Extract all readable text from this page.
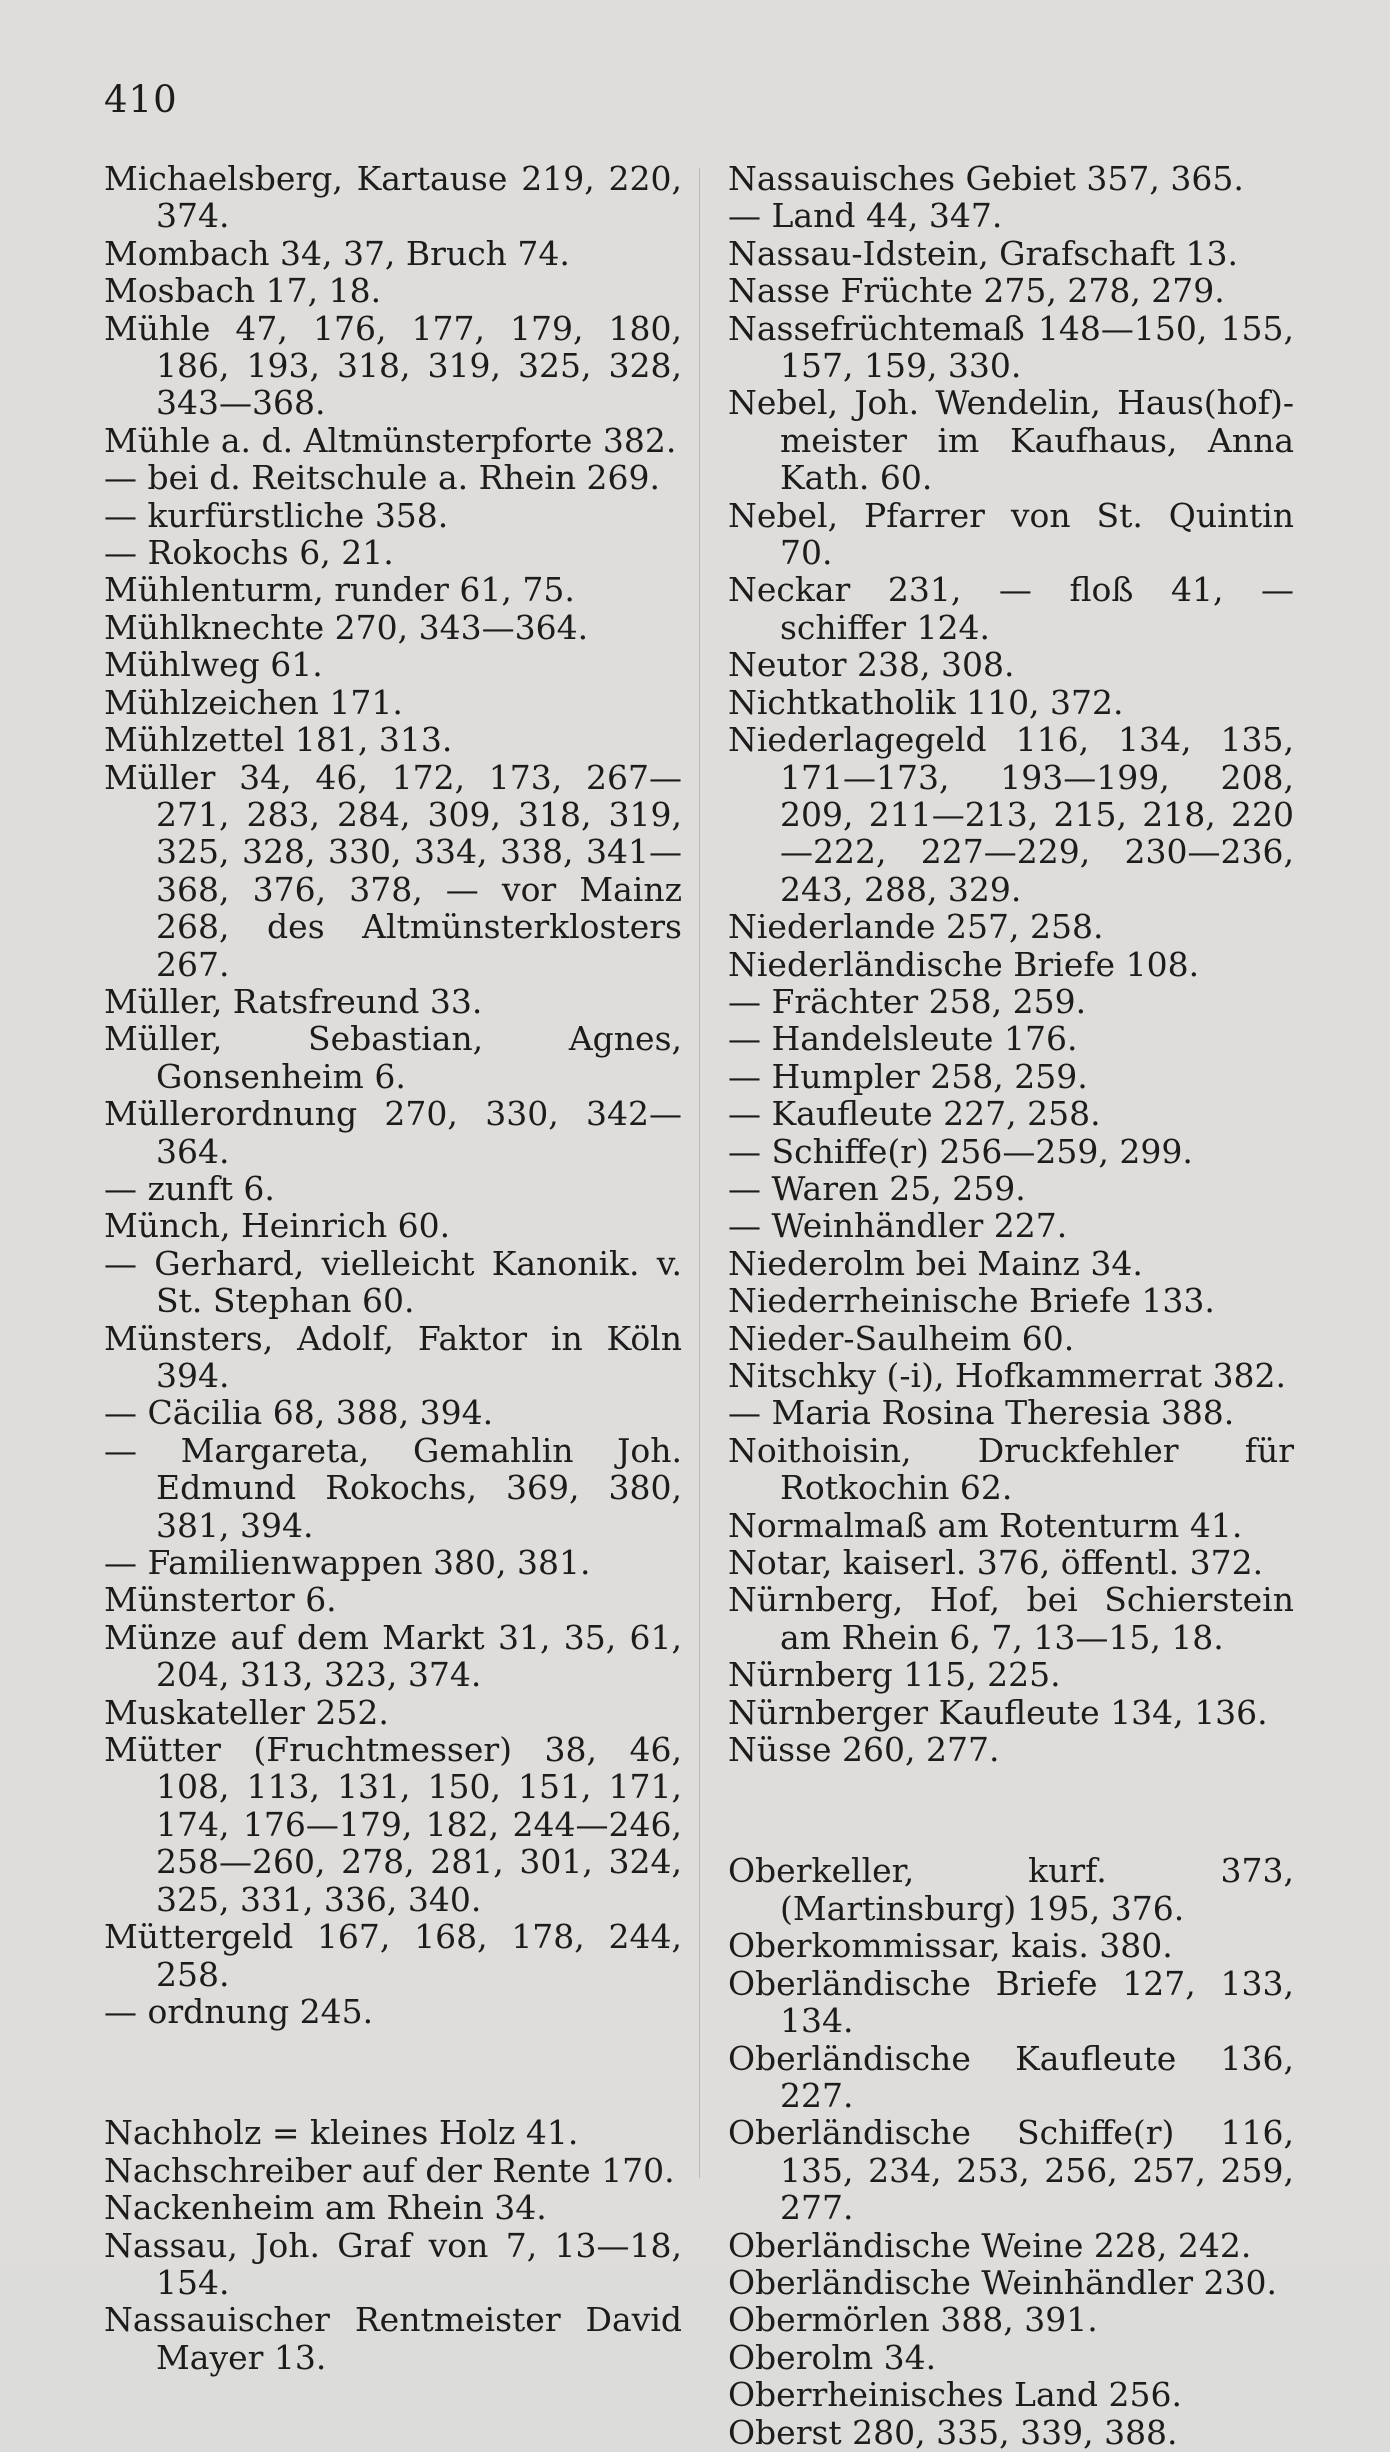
410
Michaelsberg, Kartause 219, 220, 374.
Mombach 34, 37, Bruch 74.
Mosbach 17, 18.
Mühle 47, 176, 177, 179, 180, 186, 193, 318, 319, 325, 328, 343—368.
Mühle a. d. Altmünsterpforte 382.
— bei d. Reitschule a. Rhein 269.
— kurfürstliche 358.
— Rokochs 6, 21.
Mühlenturm, runder 61, 75.
Mühlknechte 270, 343—364.
Mühlweg 61.
Mühlzeichen 171.
Mühlzettel 181, 313.
Müller 34, 46, 172, 173, 267—271, 283, 284, 309, 318, 319, 325, 328, 330, 334, 338, 341—368, 376, 378, — vor Mainz 268, des Altmünsterklosters 267.
Müller, Ratsfreund 33.
Müller, Sebastian, Agnes, Gonsenheim 6.
Müllerordnung 270, 330, 342—364.
— zunft 6.
Münch, Heinrich 60.
— Gerhard, vielleicht Kanonik. v. St. Stephan 60.
Münsters, Adolf, Faktor in Köln 394.
— Cäcilia 68, 388, 394.
— Margareta, Gemahlin Joh. Edmund Rokochs, 369, 380, 381, 394.
— Familienwappen 380, 381.
Münstertor 6.
Münze auf dem Markt 31, 35, 61, 204, 313, 323, 374.
Muskateller 252.
Mütter (Fruchtmesser) 38, 46, 108, 113, 131, 150, 151, 171, 174, 176—179, 182, 244—246, 258—260, 278, 281, 301, 324, 325, 331, 336, 340.
Müttergeld 167, 168, 178, 244, 258.
— ordnung 245.
Nachholz = kleines Holz 41.
Nachschreiber auf der Rente 170.
Nackenheim am Rhein 34.
Nassau, Joh. Graf von 7, 13—18, 154.
Nassauischer Rentmeister David Mayer 13.
Nassauisches Gebiet 357, 365.
— Land 44, 347.
Nassau-Idstein, Grafschaft 13.
Nasse Früchte 275, 278, 279.
Nassefrüchtemaß 148—150, 155, 157, 159, 330.
Nebel, Joh. Wendelin, Haus(hof)-meister im Kaufhaus, Anna Kath. 60.
Nebel, Pfarrer von St. Quintin 70.
Neckar 231, — floß 41, — schiffer 124.
Neutor 238, 308.
Nichtkatholik 110, 372.
Niederlagegeld 116, 134, 135, 171—173, 193—199, 208, 209, 211—213, 215, 218, 220—222, 227—229, 230—236, 243, 288, 329.
Niederlande 257, 258.
Niederländische Briefe 108.
— Frächter 258, 259.
— Handelsleute 176.
— Humpler 258, 259.
— Kaufleute 227, 258.
— Schiffe(r) 256—259, 299.
— Waren 25, 259.
— Weinhändler 227.
Niederolm bei Mainz 34.
Niederrheinische Briefe 133.
Nieder-Saulheim 60.
Nitschky (-i), Hofkammerrat 382.
— Maria Rosina Theresia 388.
Noithoisin, Druckfehler für Rotkochin 62.
Normalmaß am Rotenturm 41.
Notar, kaiserl. 376, öffentl. 372.
Nürnberg, Hof, bei Schierstein am Rhein 6, 7, 13—15, 18.
Nürnberg 115, 225.
Nürnberger Kaufleute 134, 136.
Nüsse 260, 277.
Oberkeller, kurf. 373, (Martinsburg) 195, 376.
Oberkommissar, kais. 380.
Oberländische Briefe 127, 133, 134.
Oberländische Kaufleute 136, 227.
Oberländische Schiffe(r) 116, 135, 234, 253, 256, 257, 259, 277.
Oberländische Weine 228, 242.
Oberländische Weinhändler 230.
Obermörlen 388, 391.
Oberolm 34.
Oberrheinisches Land 256.
Oberst 280, 335, 339, 388.
